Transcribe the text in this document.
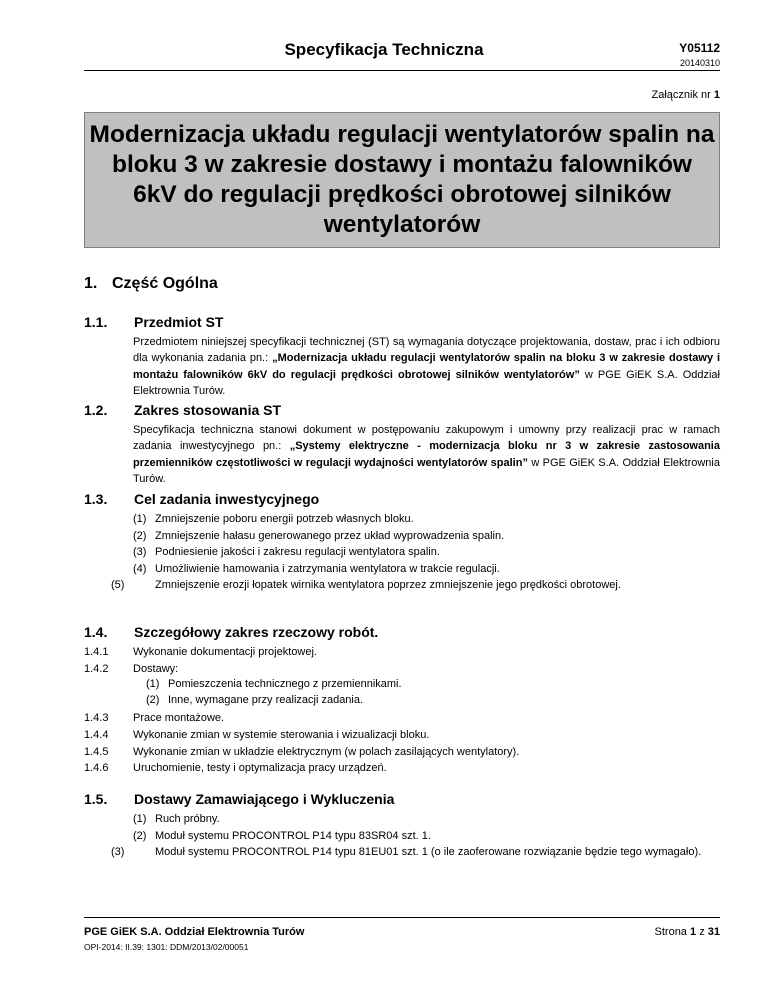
Specyfikacja Techniczna	Y05112
20140310
Załącznik nr 1
Modernizacja układu regulacji wentylatorów spalin na bloku 3 w zakresie dostawy i montażu falowników 6kV do regulacji prędkości obrotowej silników wentylatorów
1. Część Ogólna
1.1. Przedmiot ST
Przedmiotem niniejszej specyfikacji technicznej (ST) są wymagania dotyczące projektowania, dostaw, prac i ich odbioru dla wykonania zadania pn.: „Modernizacja układu regulacji wentylatorów spalin na bloku 3 w zakresie dostawy i montażu falowników 6kV do regulacji prędkości obrotowej silników wentylatorów” w PGE GiEK S.A. Oddział Elektrownia Turów.
1.2. Zakres stosowania ST
Specyfikacja techniczna stanowi dokument w postępowaniu zakupowym i umowny przy realizacji prac w ramach zadania inwestycyjnego pn.: „Systemy elektryczne - modernizacja bloku nr 3 w zakresie zastosowania przemienników częstotliwości w regulacji wydajności wentylatorów spalin” w PGE GiEK S.A. Oddział Elektrownia Turów.
1.3. Cel zadania inwestycyjnego
(1) Zmniejszenie poboru energii potrzeb własnych bloku.
(2) Zmniejszenie hałasu generowanego przez układ wyprowadzenia spalin.
(3) Podniesienie jakości i zakresu regulacji wentylatora spalin.
(4) Umożliwienie hamowania i zatrzymania wentylatora w trakcie regulacji.
(5)	Zmniejszenie erozji łopatek wirnika wentylatora poprzez zmniejszenie jego prędkości obrotowej.
1.4. Szczegółowy zakres rzeczowy robót.
1.4.1 Wykonanie dokumentacji projektowej.
1.4.2 Dostawy:
(1) Pomieszczenia technicznego z przemiennikami.
(2) Inne, wymagane przy realizacji zadania.
1.4.3 Prace montażowe.
1.4.4 Wykonanie zmian w systemie sterowania i wizualizacji bloku.
1.4.5 Wykonanie zmian w układzie elektrycznym (w polach zasilających wentylatory).
1.4.6 Uruchomienie, testy i optymalizacja pracy urządzeń.
1.5. Dostawy Zamawiającego i Wykluczenia
(1) Ruch próbny.
(2) Moduł systemu PROCONTROL P14 typu 83SR04 szt. 1.
(3)	Moduł systemu PROCONTROL P14 typu 81EU01 szt. 1 (o ile zaoferowane rozwiązanie będzie tego wymagało).
PGE GiEK S.A. Oddział Elektrownia Turów
OPI-2014: II.39: 1301: DDM/2013/02/00051
Strona 1 z 31
